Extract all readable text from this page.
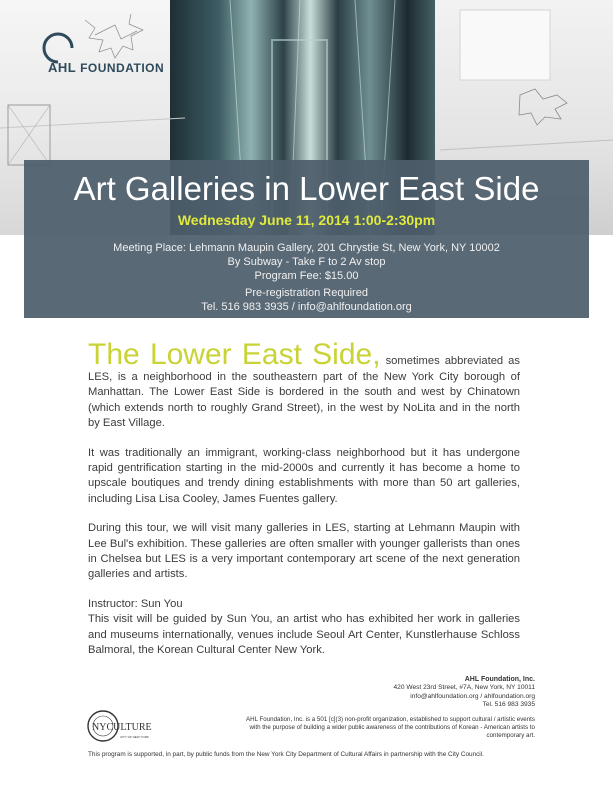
AHL FOUNDATION
Art Galleries in Lower East Side
Wednesday June 11, 2014 1:00-2:30pm
Meeting Place: Lehmann Maupin Gallery, 201 Chrystie St, New York, NY 10002
By Subway - Take F to 2 Av stop
Program Fee: $15.00
Pre-registration Required
Tel. 516 983 3935 / info@ahlfoundation.org

The Lower East Side, sometimes abbreviated as LES, is a neighborhood in the southeastern part of the New York City borough of Manhattan. The Lower East Side is bordered in the south and west by Chinatown (which extends north to roughly Grand Street), in the west by NoLita and in the north by East Village.

It was traditionally an immigrant, working-class neighborhood but it has undergone rapid gentrification starting in the mid-2000s and currently it has become a home to upscale boutiques and trendy dining establishments with more than 50 art galleries, including Lisa Lisa Cooley, James Fuentes gallery.

During this tour, we will visit many galleries in LES, starting at Lehmann Maupin with Lee Bul's exhibition. These galleries are often smaller with younger gallerists than ones in Chelsea but LES is a very important contemporary art scene of the next generation galleries and artists.

Instructor: Sun You

This visit will be guided by Sun You, an artist who has exhibited her work in galleries and museums internationally, venues include Seoul Art Center, Kunstlerhause Schloss Balmoral, the Korean Cultural Center New York.

AHL Foundation, Inc.
420 West 23rd Street, #7A, New York, NY 10011
info@ahlfoundation.org / ahlfoundation.org
Tel. 516 983 3935
AHL Foundation, Inc. is a 501 [c](3) non-profit organization, established to support cultural / artistic events with the purpose of building a wider public awareness of the contributions of Korean - American artists to contemporary art.
NYCULTURE
CITY OF NEW YORK
This program is supported, in part, by public funds from the New York City Department of Cultural Affairs in partnership with the City Council.
